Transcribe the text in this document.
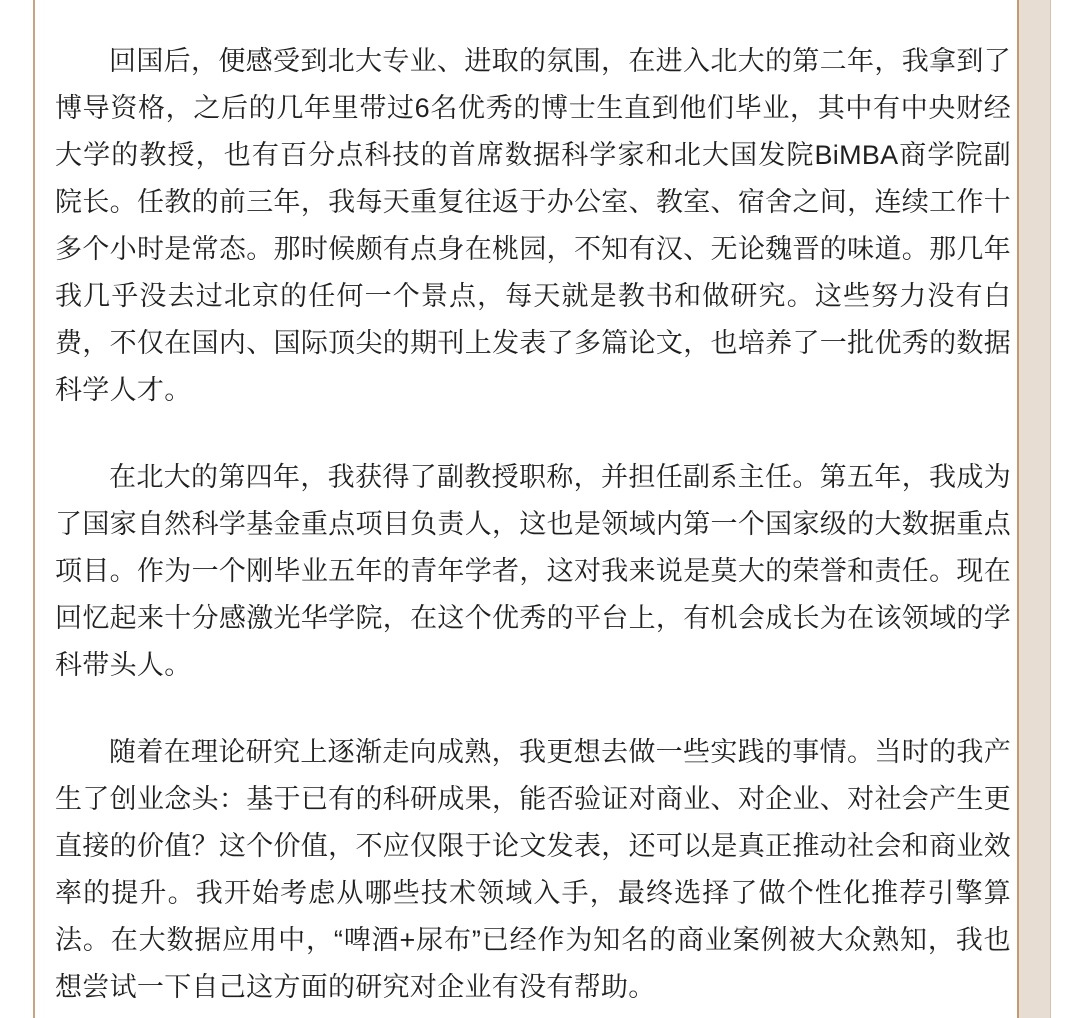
回国后，便感受到北大专业、进取的氛围，在进入北大的第二年，我拿到了博导资格，之后的几年里带过6名优秀的博士生直到他们毕业，其中有中央财经大学的教授，也有百分点科技的首席数据科学家和北大国发院BiMBA商学院副院长。任教的前三年，我每天重复往返于办公室、教室、宿舍之间，连续工作十多个小时是常态。那时候颇有点身在桃园，不知有汉、无论魏晋的味道。那几年我几乎没去过北京的任何一个景点，每天就是教书和做研究。这些努力没有白费，不仅在国内、国际顶尖的期刊上发表了多篇论文，也培养了一批优秀的数据科学人才。

在北大的第四年，我获得了副教授职称，并担任副系主任。第五年，我成为了国家自然科学基金重点项目负责人，这也是领域内第一个国家级的大数据重点项目。作为一个刚毕业五年的青年学者，这对我来说是莫大的荣誉和责任。现在回忆起来十分感激光华学院，在这个优秀的平台上，有机会成长为在该领域的学科带头人。

随着在理论研究上逐渐走向成熟，我更想去做一些实践的事情。当时的我产生了创业念头：基于已有的科研成果，能否验证对商业、对企业、对社会产生更直接的价值？这个价值，不应仅限于论文发表，还可以是真正推动社会和商业效率的提升。我开始考虑从哪些技术领域入手，最终选择了做个性化推荐引擎算法。在大数据应用中，“啤酒+尿布”已经作为知名的商业案例被大众熟知，我也想尝试一下自己这方面的研究对企业有没有帮助。
